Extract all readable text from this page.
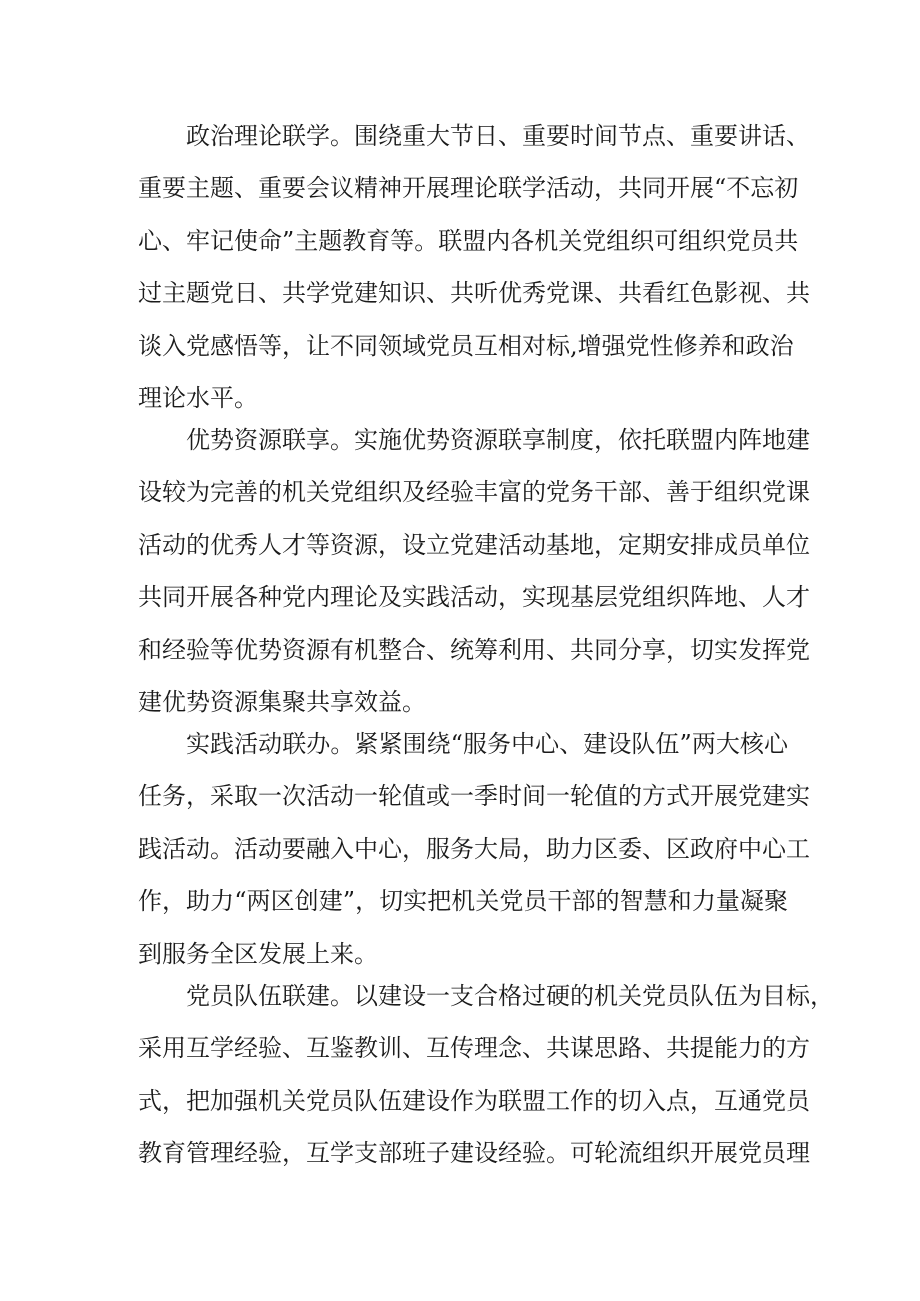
政治理论联学。围绕重大节日、重要时间节点、重要讲话、
重要主题、重要会议精神开展理论联学活动，共同开展“不忘初
心、牢记使命”主题教育等。联盟内各机关党组织可组织党员共
过主题党日、共学党建知识、共听优秀党课、共看红色影视、共
谈入党感悟等，让不同领域党员互相对标,增强党性修养和政治
理论水平。
优势资源联享。实施优势资源联享制度，依托联盟内阵地建
设较为完善的机关党组织及经验丰富的党务干部、善于组织党课
活动的优秀人才等资源，设立党建活动基地，定期安排成员单位
共同开展各种党内理论及实践活动，实现基层党组织阵地、人才
和经验等优势资源有机整合、统筹利用、共同分享，切实发挥党
建优势资源集聚共享效益。
实践活动联办。紧紧围绕“服务中心、建设队伍”两大核心
任务，采取一次活动一轮值或一季时间一轮值的方式开展党建实
践活动。活动要融入中心，服务大局，助力区委、区政府中心工
作，助力“两区创建”，切实把机关党员干部的智慧和力量凝聚
到服务全区发展上来。
党员队伍联建。以建设一支合格过硬的机关党员队伍为目标，
采用互学经验、互鉴教训、互传理念、共谋思路、共提能力的方
式，把加强机关党员队伍建设作为联盟工作的切入点，互通党员
教育管理经验，互学支部班子建设经验。可轮流组织开展党员理
